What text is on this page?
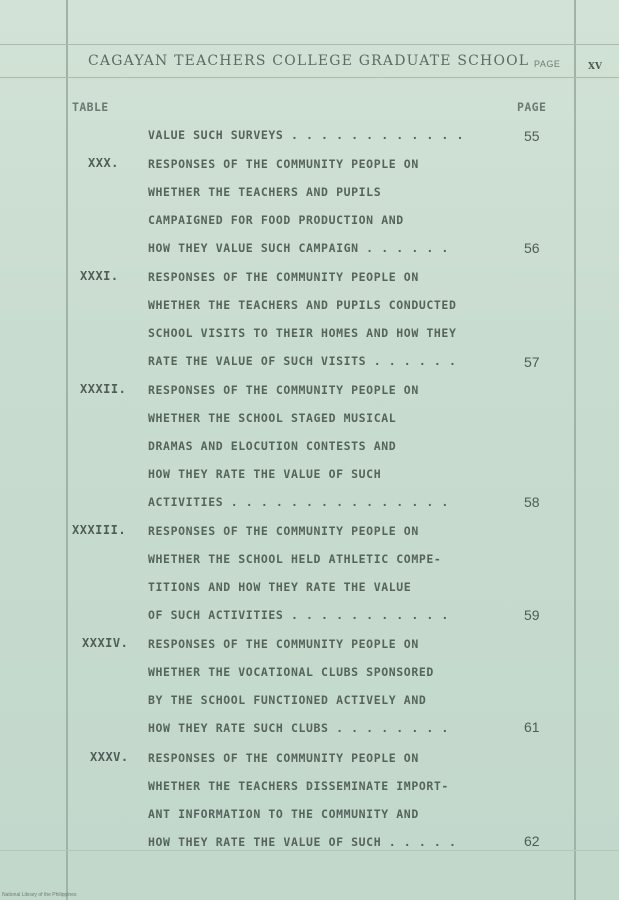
CAGAYAN TEACHERS COLLEGE GRADUATE SCHOOL PAGE	XV
TABLE	PAGE
VALUE SUCH SURVEYS . . . . . . . . . . . .	55
XXX.	RESPONSES OF THE COMMUNITY PEOPLE ON
WHETHER THE TEACHERS AND PUPILS
CAMPAIGNED FOR FOOD PRODUCTION AND
HOW THEY VALUE SUCH CAMPAIGN . . . . . .	56
XXXI.	RESPONSES OF THE COMMUNITY PEOPLE ON
WHETHER THE TEACHERS AND PUPILS CONDUCTED
SCHOOL VISITS TO THEIR HOMES AND HOW THEY
RATE THE VALUE OF SUCH VISITS . . . . . .	57
XXXII. RESPONSES OF THE COMMUNITY PEOPLE ON
WHETHER THE SCHOOL STAGED MUSICAL
DRAMAS AND ELOCUTION CONTESTS AND
HOW THEY RATE THE VALUE OF SUCH
ACTIVITIES . . . . . . . . . . . . . . .	58
XXXIII. RESPONSES OF THE COMMUNITY PEOPLE ON
WHETHER THE SCHOOL HELD ATHLETIC COMPE-
TITIONS AND HOW THEY RATE THE VALUE
OF SUCH ACTIVITIES . . . . . . . . . . .	59
XXXIV. RESPONSES OF THE COMMUNITY PEOPLE ON
WHETHER THE VOCATIONAL CLUBS SPONSORED
BY THE SCHOOL FUNCTIONED ACTIVELY AND
HOW THEY RATE SUCH CLUBS . . . . . . . .	61
XXXV. RESPONSES OF THE COMMUNITY PEOPLE ON
WHETHER THE TEACHERS DISSEMINATE IMPORT-
ANT INFORMATION TO THE COMMUNITY AND
HOW THEY RATE THE VALUE OF SUCH . . . . .	62
National Library of the Philippines
